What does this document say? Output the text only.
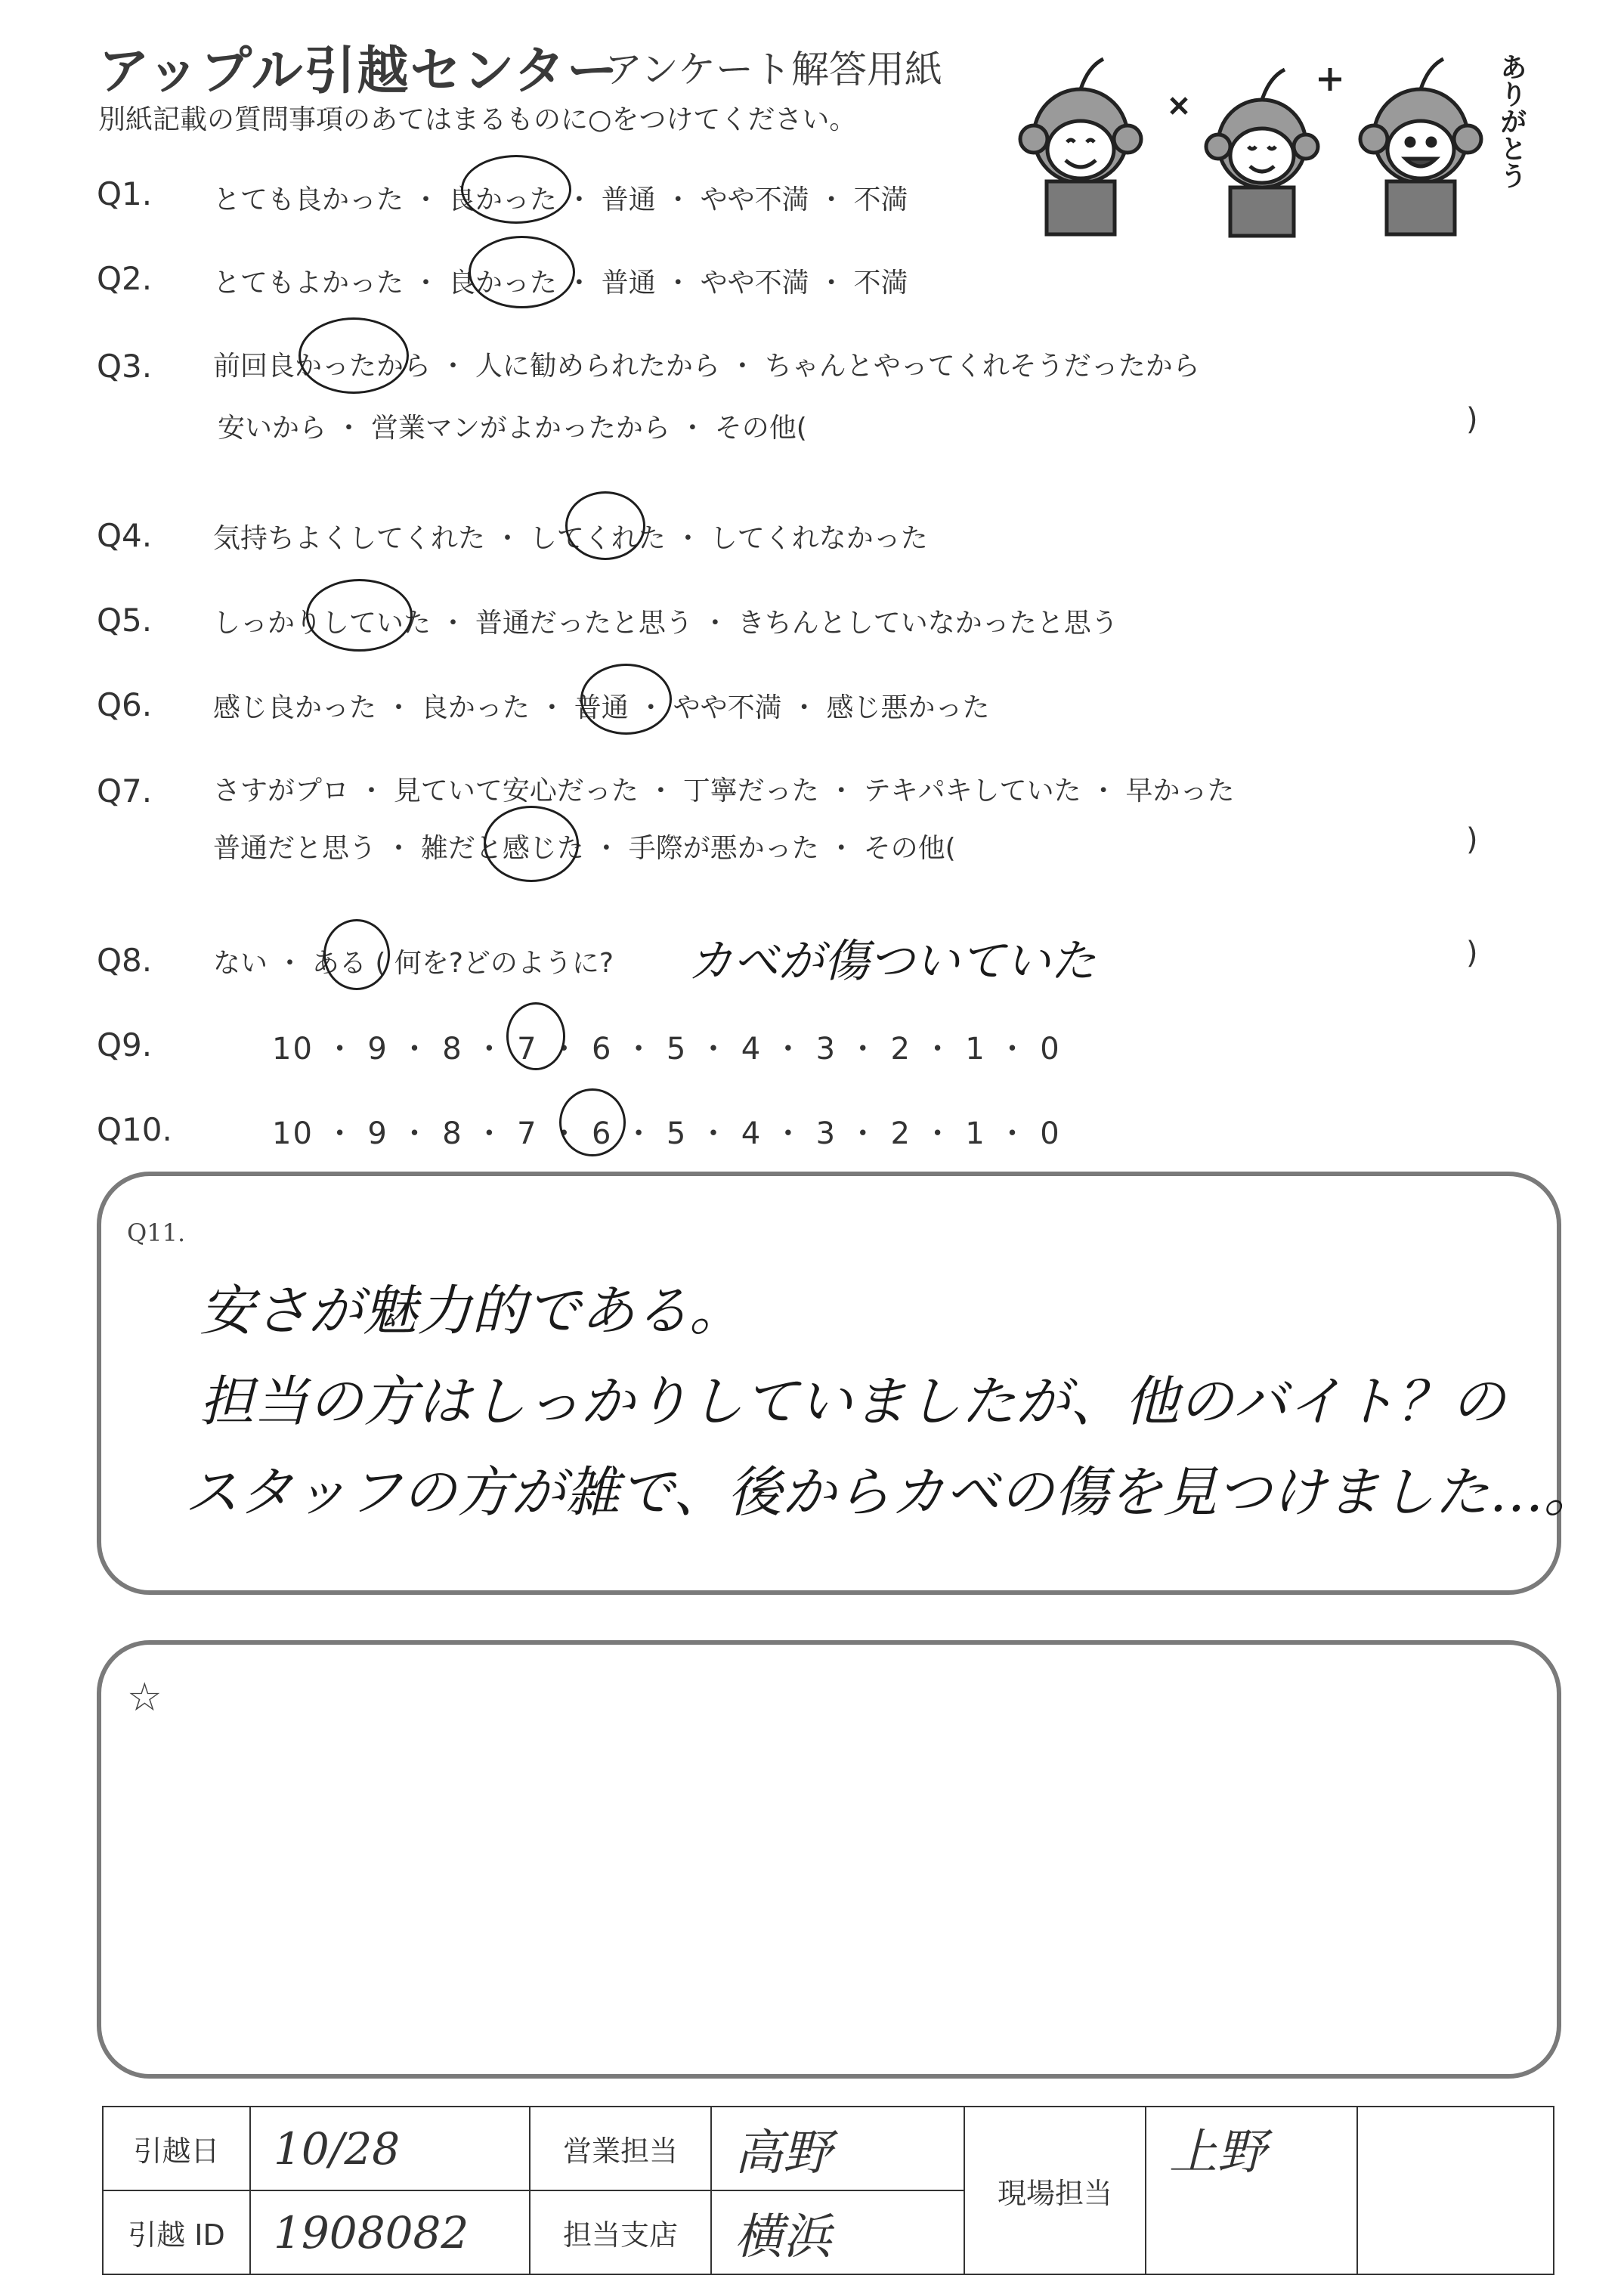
アップル引越センター
アンケート解答用紙
別紙記載の質問事項のあてはまるものに○をつけてください。	ありがとう
Q1. とても良かった ・ 良かった ・ 普通 ・ やや不満 ・ 不満
Q2. とてもよかった ・ 良かった ・ 普通 ・ やや不満 ・ 不満
Q3. 前回良かったから ・ 人に勧められたから ・ ちゃんとやってくれそうだったから
安いから ・ 営業マンがよかったから ・ その他(	)
Q4. 気持ちよくしてくれた ・ してくれた ・ してくれなかった
Q5. しっかりしていた ・ 普通だったと思う ・ きちんとしていなかったと思う
Q6. 感じ良かった ・ 良かった ・ 普通 ・ やや不満 ・ 感じ悪かった
Q7. さすがプロ ・ 見ていて安心だった ・ 丁寧だった ・ テキパキしていた ・ 早かった
普通だと思う ・ 雑だと感じた ・ 手際が悪かった ・ その他(	)
Q8. ない ・ ある ( 何を?どのように? カベが傷ついていた	)
Q9.	10 ・ 9 ・ 8 ・ 7 ・ 6 ・ 5 ・ 4 ・ 3 ・ 2 ・ 1 ・ 0
Q10.	10 ・ 9 ・ 8 ・ 7 ・ 6 ・ 5 ・ 4 ・ 3 ・ 2 ・ 1 ・ 0
Q11.
安さが魅力的である。
担当の方はしっかりしていましたが、他のバイト？の
スタッフの方が雑で、後からカベの傷を見つけました…。
☆
引越日	10/28	営業担当	高野	現場担当	上野	
引越 ID	1908082	担当支店	横浜			
